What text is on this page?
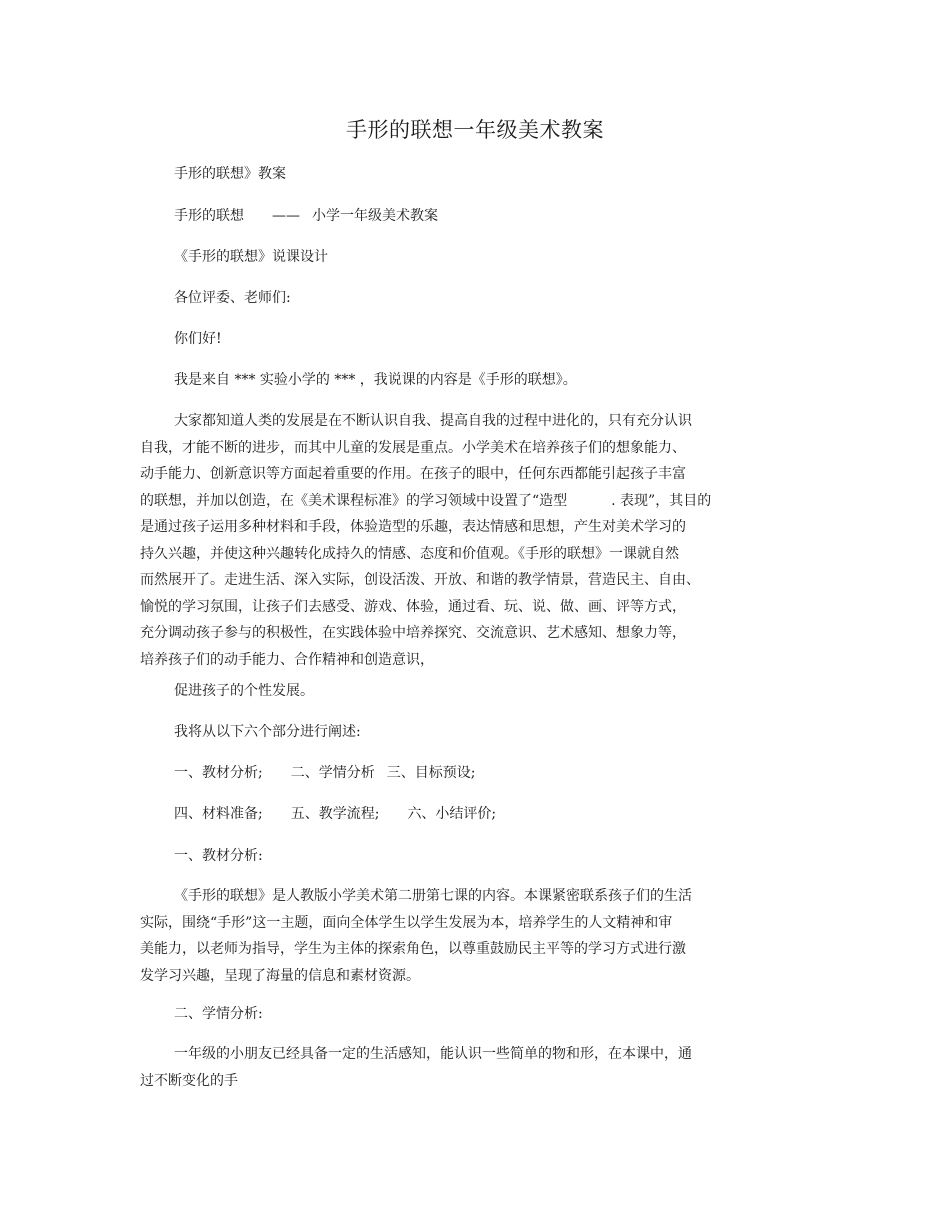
手形的联想一年级美术教案
手形的联想》教案
手形的联想 —— 小学一年级美术教案
《手形的联想》说课设计
各位评委、老师们:
你们好!
我是来自 *** 实验小学的 *** ，我说课的内容是《手形的联想》。
大家都知道人类的发展是在不断认识自我、提高自我的过程中进化的，只有充分认识
自我，才能不断的进步，而其中儿童的发展是重点。小学美术在培养孩子们的想象能力、
动手能力、创新意识等方面起着重要的作用。在孩子的眼中，任何东西都能引起孩子丰富
的联想，并加以创造，在《美术课程标准》的学习领域中设置了“造型	. 表现”，其目的
是通过孩子运用多种材料和手段，体验造型的乐趣，表达情感和思想，产生对美术学习的
持久兴趣，并使这种兴趣转化成持久的情感、态度和价值观。《手形的联想》一课就自然
而然展开了。走进生活、深入实际，创设活泼、开放、和谐的教学情景，营造民主、自由、
愉悦的学习氛围，让孩子们去感受、游戏、体验，通过看、玩、说、做、画、评等方式，
充分调动孩子参与的积极性，在实践体验中培养探究、交流意识、艺术感知、想象力等，
培养孩子们的动手能力、合作精神和创造意识，
促进孩子的个性发展。
我将从以下六个部分进行阐述:
一、教材分析; 二、学情分析 三、目标预设;
四、材料准备; 五、教学流程; 六、小结评价;
一、教材分析:
《手形的联想》是人教版小学美术第二册第七课的内容。本课紧密联系孩子们的生活
实际，围绕“手形”这一主题，面向全体学生以学生发展为本，培养学生的人文精神和审
美能力，以老师为指导，学生为主体的探索角色，以尊重鼓励民主平等的学习方式进行激
发学习兴趣，呈现了海量的信息和素材资源。
二、学情分析:
一年级的小朋友已经具备一定的生活感知，能认识一些简单的物和形，在本课中，通
过不断变化的手
